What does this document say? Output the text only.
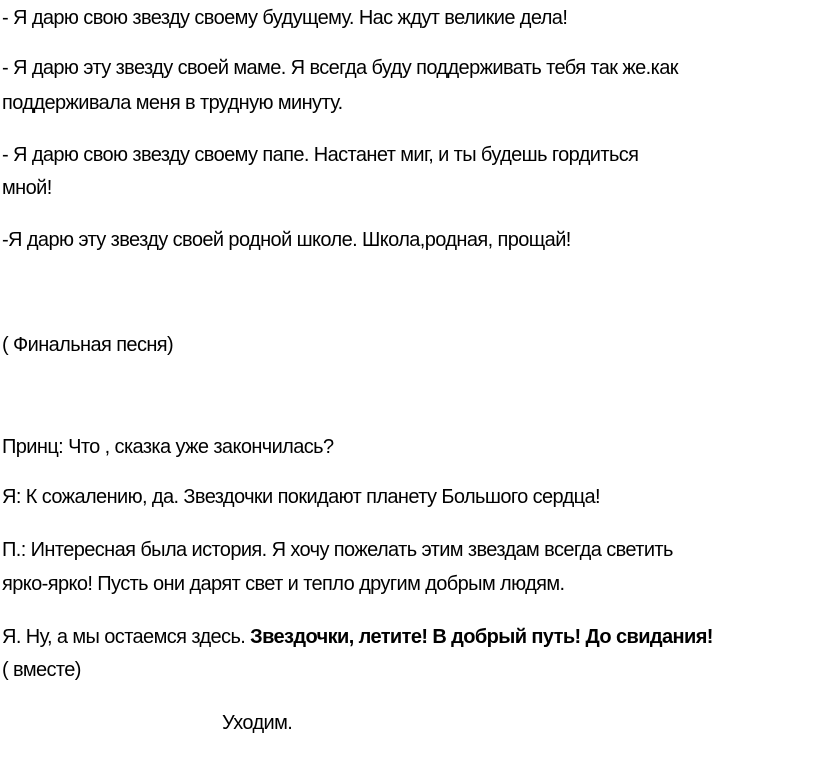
- Я дарю свою звезду своему будущему. Нас ждут великие дела!
- Я дарю эту звезду своей маме. Я всегда буду поддерживать тебя так же.как
поддерживала меня в трудную минуту.
- Я дарю свою звезду своему папе. Настанет миг, и ты будешь гордиться
мной!
-Я дарю эту звезду своей родной школе. Школа,родная, прощай!
( Финальная песня)
Принц: Что , сказка уже закончилась?
Я: К сожалению, да. Звездочки покидают планету Большого сердца!
П.: Интересная была история. Я хочу пожелать этим звездам всегда светить
ярко-ярко! Пусть они дарят свет и тепло другим добрым людям.
Я. Ну, а мы остаемся здесь. Звездочки, летите! В добрый путь! До свидания!
( вместе)
Уходим.
